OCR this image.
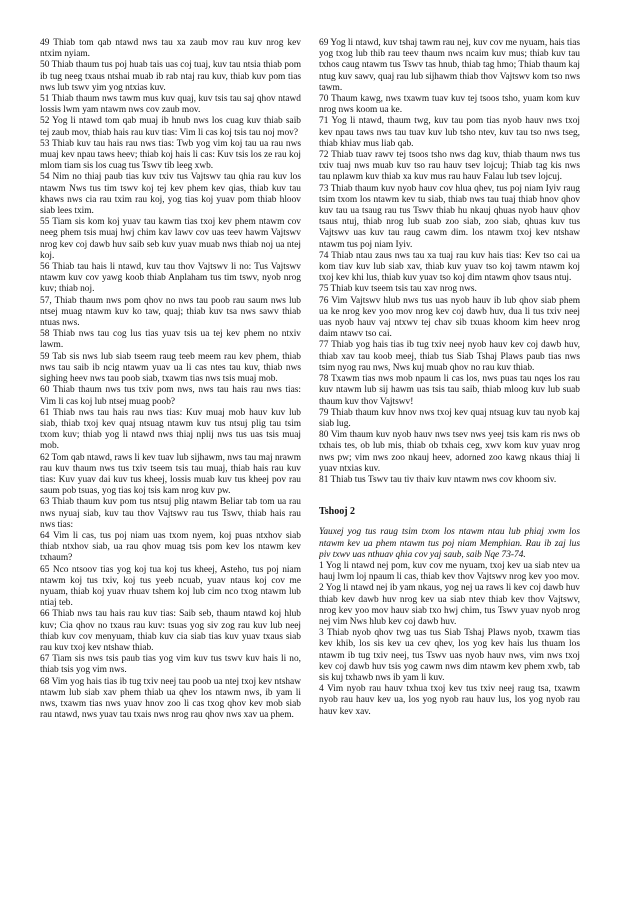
49 Thiab tom qab ntawd nws tau xa zaub mov rau kuv nrog kev ntxim nyiam.

50 Thiab thaum tus poj huab tais uas coj tuaj, kuv tau ntsia thiab pom ib tug neeg txaus ntshai muab ib rab ntaj rau kuv, thiab kuv pom tias nws lub tswv yim yog ntxias kuv.

51 Thiab thaum nws tawm mus kuv quaj, kuv tsis tau saj qhov ntawd lossis lwm yam ntawm nws cov zaub mov.

52 Yog li ntawd tom qab muaj ib hnub nws los cuag kuv thiab saib tej zaub mov, thiab hais rau kuv tias: Vim li cas koj tsis tau noj mov?

53 Thiab kuv tau hais rau nws tias: Twb yog vim koj tau ua rau nws muaj kev npau taws heev; thiab koj hais li cas: Kuv tsis los ze rau koj mlom tiam sis los cuag tus Tswv tib leeg xwb.

54 Nim no thiaj paub tias kuv txiv tus Vajtswv tau qhia rau kuv los ntawm Nws tus tim tswv koj tej kev phem kev qias, thiab kuv tau khaws nws cia rau txim rau koj, yog tias koj yuav pom thiab hloov siab lees txim.

55 Tiam sis kom koj yuav tau kawm tias txoj kev phem ntawm cov neeg phem tsis muaj hwj chim kav lawv cov uas teev hawm Vajtswv nrog kev coj dawb huv saib seb kuv yuav muab nws thiab noj ua ntej koj.

56 Thiab tau hais li ntawd, kuv tau thov Vajtswv li no: Tus Vajtswv ntawm kuv cov yawg koob thiab Anplaham tus tim tswv, nyob nrog kuv; thiab noj.

57, Thiab thaum nws pom qhov no nws tau poob rau saum nws lub ntsej muag ntawm kuv ko taw, quaj; thiab kuv tsa nws sawv thiab ntuas nws.

58 Thiab nws tau cog lus tias yuav tsis ua tej kev phem no ntxiv lawm.

59 Tab sis nws lub siab tseem raug teeb meem rau kev phem, thiab nws tau saib ib ncig ntawm yuav ua li cas ntes tau kuv, thiab nws sighing heev nws tau poob siab, txawm tias nws tsis muaj mob.

60 Thiab thaum nws tus txiv pom nws, nws tau hais rau nws tias: Vim li cas koj lub ntsej muag poob?

61 Thiab nws tau hais rau nws tias: Kuv muaj mob hauv kuv lub siab, thiab txoj kev quaj ntsuag ntawm kuv tus ntsuj plig tau tsim txom kuv; thiab yog li ntawd nws thiaj nplij nws tus uas tsis muaj mob.

62 Tom qab ntawd, raws li kev tuav lub sijhawm, nws tau maj nrawm rau kuv thaum nws tus txiv tseem tsis tau muaj, thiab hais rau kuv tias: Kuv yuav dai kuv tus kheej, lossis muab kuv tus kheej pov rau saum pob tsuas, yog tias koj tsis kam nrog kuv pw.

63 Thiab thaum kuv pom tus ntsuj plig ntawm Beliar tab tom ua rau nws nyuaj siab, kuv tau thov Vajtswv rau tus Tswv, thiab hais rau nws tias:

64 Vim li cas, tus poj niam uas txom nyem, koj puas ntxhov siab thiab ntxhov siab, ua rau qhov muag tsis pom kev los ntawm kev txhaum?

65 Nco ntsoov tias yog koj tua koj tus kheej, Asteho, tus poj niam ntawm koj tus txiv, koj tus yeeb ncuab, yuav ntaus koj cov me nyuam, thiab koj yuav rhuav tshem koj lub cim nco txog ntawm lub ntiaj teb.

66 Thiab nws tau hais rau kuv tias: Saib seb, thaum ntawd koj hlub kuv; Cia qhov no txaus rau kuv: tsuas yog siv zog rau kuv lub neej thiab kuv cov menyuam, thiab kuv cia siab tias kuv yuav txaus siab rau kuv txoj kev ntshaw thiab.

67 Tiam sis nws tsis paub tias yog vim kuv tus tswv kuv hais li no, thiab tsis yog vim nws.

68 Vim yog hais tias ib tug txiv neej tau poob ua ntej txoj kev ntshaw ntawm lub siab xav phem thiab ua qhev los ntawm nws, ib yam li nws, txawm tias nws yuav hnov zoo li cas txog qhov kev mob siab rau ntawd, nws yuav tau txais nws nrog rau qhov nws xav ua phem.

69 Yog li ntawd, kuv tshaj tawm rau nej, kuv cov me nyuam, hais tias yog txog lub thib rau teev thaum nws ncaim kuv mus; thiab kuv tau txhos caug ntawm tus Tswv tas hnub, thiab tag hmo; Thiab thaum kaj ntug kuv sawv, quaj rau lub sijhawm thiab thov Vajtswv kom tso nws tawm.

70 Thaum kawg, nws txawm tuav kuv tej tsoos tsho, yuam kom kuv nrog nws koom ua ke.

71 Yog li ntawd, thaum twg, kuv tau pom tias nyob hauv nws txoj kev npau taws nws tau tuav kuv lub tsho ntev, kuv tau tso nws tseg, thiab khiav mus liab qab.

72 Thiab tuav rawv tej tsoos tsho nws dag kuv, thiab thaum nws tus txiv tuaj nws muab kuv tso rau hauv tsev lojcuj; Thiab tag kis nws tau nplawm kuv thiab xa kuv mus rau hauv Falau lub tsev lojcuj.

73 Thiab thaum kuv nyob hauv cov hlua qhev, tus poj niam Iyiv raug tsim txom los ntawm kev tu siab, thiab nws tau tuaj thiab hnov qhov kuv tau ua tsaug rau tus Tswv thiab hu nkauj qhuas nyob hauv qhov tsaus ntuj, thiab nrog lub suab zoo siab, zoo siab, qhuas kuv tus Vajtswv uas kuv tau raug cawm dim. los ntawm txoj kev ntshaw ntawm tus poj niam Iyiv.

74 Thiab ntau zaus nws tau xa tuaj rau kuv hais tias: Kev tso cai ua kom tiav kuv lub siab xav, thiab kuv yuav tso koj tawm ntawm koj txoj kev khi lus, thiab kuv yuav tso koj dim ntawm qhov tsaus ntuj.

75 Thiab kuv tseem tsis tau xav nrog nws.

76 Vim Vajtswv hlub nws tus uas nyob hauv ib lub qhov siab phem ua ke nrog kev yoo mov nrog kev coj dawb huv, dua li tus txiv neej uas nyob hauv vaj ntxwv tej chav sib txuas khoom kim heev nrog daim ntawv tso cai.

77 Thiab yog hais tias ib tug txiv neej nyob hauv kev coj dawb huv, thiab xav tau koob meej, thiab tus Siab Tshaj Plaws paub tias nws tsim nyog rau nws, Nws kuj muab qhov no rau kuv thiab.

78 Txawm tias nws mob npaum li cas los, nws puas tau nqes los rau kuv ntawm lub sij hawm uas tsis tau saib, thiab mloog kuv lub suab thaum kuv thov Vajtswv!

79 Thiab thaum kuv hnov nws txoj kev quaj ntsuag kuv tau nyob kaj siab lug.

80 Vim thaum kuv nyob hauv nws tsev nws yeej tsis kam ris nws ob txhais tes, ob lub mis, thiab ob txhais ceg, xwv kom kuv yuav nrog nws pw; vim nws zoo nkauj heev, adorned zoo kawg nkaus thiaj li yuav ntxias kuv.

81 Thiab tus Tswv tau tiv thaiv kuv ntawm nws cov khoom siv.

Tshooj 2

Yauxej yog tus raug tsim txom los ntawm ntau lub phiaj xwm los ntawm kev ua phem ntawm tus poj niam Memphian. Rau ib zaj lus piv txwv uas nthuav qhia cov yaj saub, saib Nqe 73-74.

1 Yog li ntawd nej pom, kuv cov me nyuam, txoj kev ua siab ntev ua hauj lwm loj npaum li cas, thiab kev thov Vajtswv nrog kev yoo mov.

2 Yog li ntawd nej ib yam nkaus, yog nej ua raws li kev coj dawb huv thiab kev dawb huv nrog kev ua siab ntev thiab kev thov Vajtswv, nrog kev yoo mov hauv siab txo hwj chim, tus Tswv yuav nyob nrog nej vim Nws hlub kev coj dawb huv.

3 Thiab nyob qhov twg uas tus Siab Tshaj Plaws nyob, txawm tias kev khib, los sis kev ua cev qhev, los yog kev hais lus thuam los ntawm ib tug txiv neej, tus Tswv uas nyob hauv nws, vim nws txoj kev coj dawb huv tsis yog cawm nws dim ntawm kev phem xwb, tab sis kuj txhawb nws ib yam li kuv.

4 Vim nyob rau hauv txhua txoj kev tus txiv neej raug tsa, txawm nyob rau hauv kev ua, los yog nyob rau hauv lus, los yog nyob rau hauv kev xav.
